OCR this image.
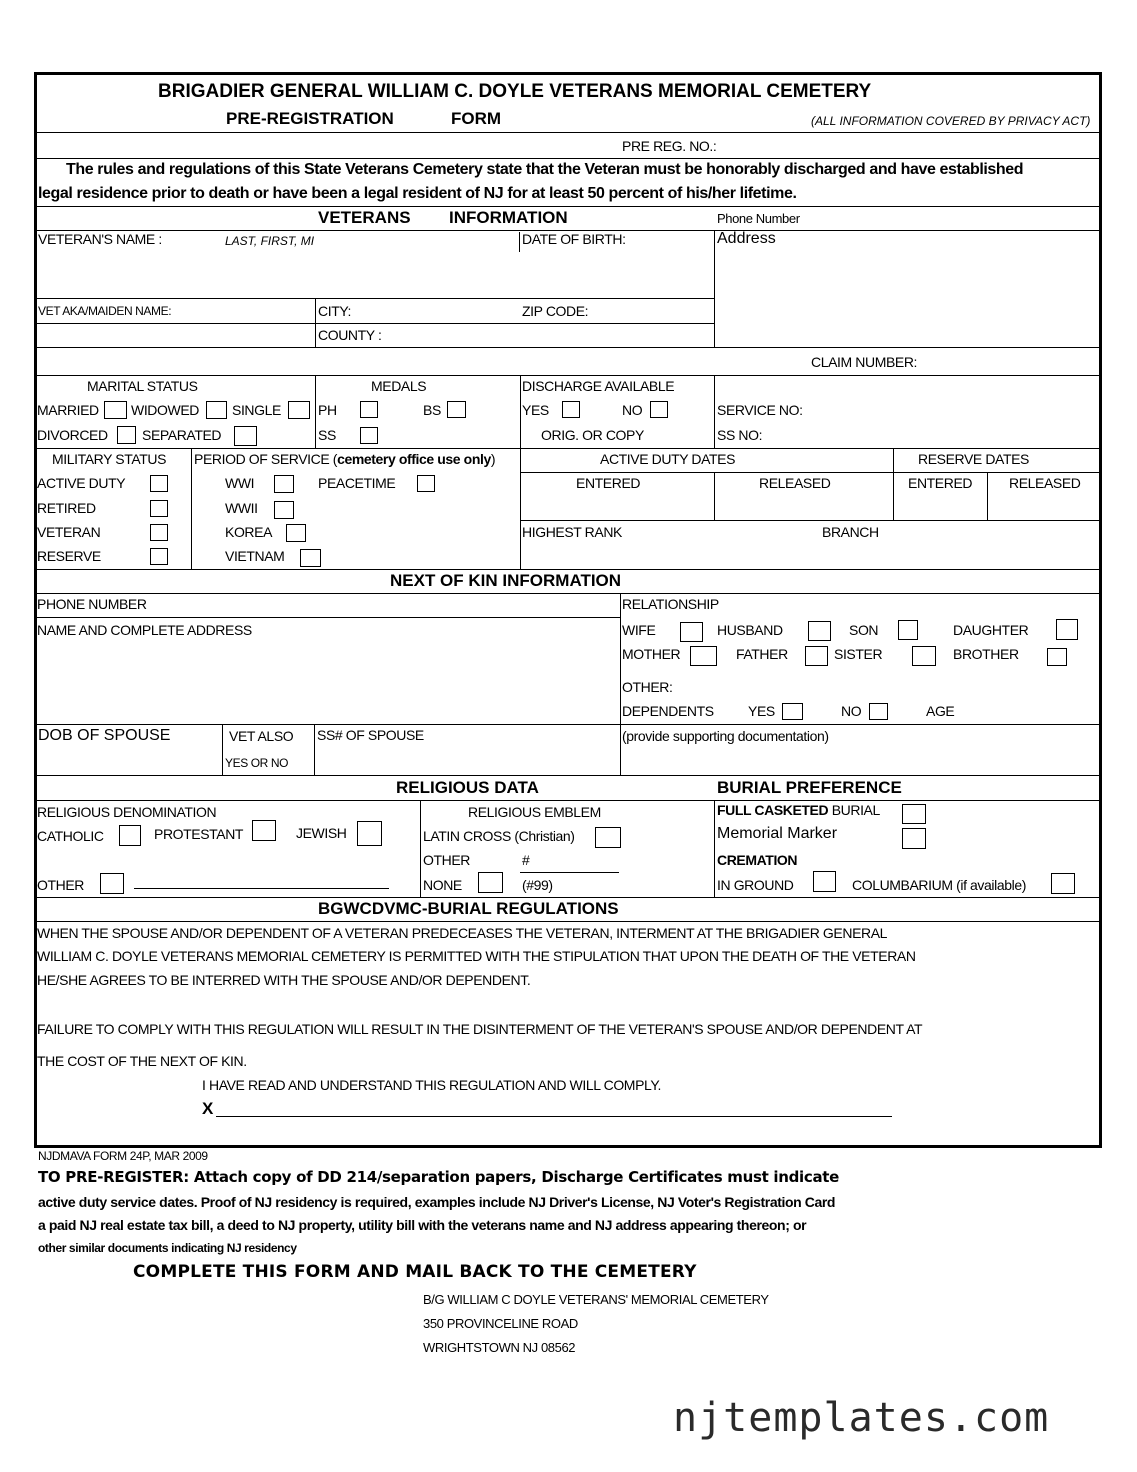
BRIGADIER GENERAL WILLIAM C. DOYLE VETERANS MEMORIAL CEMETERY
PRE-REGISTRATION	FORM	(ALL INFORMATION COVERED BY PRIVACY ACT)
PRE REG. NO.:
The rules and regulations of this State Veterans Cemetery state that the Veteran must be honorably discharged and have established
legal residence prior to death or have been a legal resident of NJ for at least 50 percent of his/her lifetime.
VETERANS INFORMATION	Phone Number
VETERAN'S NAME :	LAST, FIRST, MI	DATE OF BIRTH:	Address
VET AKA/MAIDEN NAME:	CITY:	ZIP CODE:
COUNTY :
CLAIM NUMBER:
MARITAL STATUS
MARRIED WIDOWED SINGLE
DIVORCED SEPARATED
MEDALS
PH	BS
SS
DISCHARGE AVAILABLE
YES	NO
ORIG. OR COPY
SERVICE NO:
SS NO:
MILITARY STATUS
ACTIVE DUTY
RETIRED
VETERAN
RESERVE
PERIOD OF SERVICE (cemetery office use only)
WWI	PEACETIME
WWII
KOREA
VIETNAM
ACTIVE DUTY DATES	RESERVE DATES
ENTERED	RELEASED	ENTERED	RELEASED
HIGHEST RANK	BRANCH
NEXT OF KIN INFORMATION
PHONE NUMBER	RELATIONSHIP
NAME AND COMPLETE ADDRESS	WIFE	HUSBAND	SON	DAUGHTER
MOTHER	FATHER	SISTER	BROTHER
OTHER:
DEPENDENTS YES	NO	AGE
DOB OF SPOUSE	VET ALSO
YES OR NO
SS# OF SPOUSE	(provide supporting documentation)
RELIGIOUS DATA	BURIAL PREFERENCE
RELIGIOUS DENOMINATION
CATHOLIC	PROTESTANT	JEWISH
OTHER
RELIGIOUS EMBLEM
LATIN CROSS (Christian)
OTHER	#
NONE	(#99)
FULL CASKETED BURIAL
Memorial Marker
CREMATION
IN GROUND	COLUMBARIUM (if available)
BGWCDVMC-BURIAL REGULATIONS
WHEN THE SPOUSE AND/OR DEPENDENT OF A VETERAN PREDECEASES THE VETERAN, INTERMENT AT THE BRIGADIER GENERAL
WILLIAM C. DOYLE VETERANS MEMORIAL CEMETERY IS PERMITTED WITH THE STIPULATION THAT UPON THE DEATH OF THE VETERAN
HE/SHE AGREES TO BE INTERRED WITH THE SPOUSE AND/OR DEPENDENT.
FAILURE TO COMPLY WITH THIS REGULATION WILL RESULT IN THE DISINTERMENT OF THE VETERAN'S SPOUSE AND/OR DEPENDENT AT
THE COST OF THE NEXT OF KIN.
I HAVE READ AND UNDERSTAND THIS REGULATION AND WILL COMPLY.
X
NJDMAVA FORM 24P, MAR 2009
TO PRE-REGISTER: Attach copy of DD 214/separation papers, Discharge Certificates must indicate
active duty service dates. Proof of NJ residency is required, examples include NJ Driver's License, NJ Voter's Registration Card
a paid NJ real estate tax bill, a deed to NJ property, utility bill with the veterans name and NJ address appearing thereon; or
other similar documents indicating NJ residency
COMPLETE THIS FORM AND MAIL BACK TO THE CEMETERY
B/G WILLIAM C DOYLE VETERANS' MEMORIAL CEMETERY
350 PROVINCELINE ROAD
WRIGHTSTOWN NJ 08562
njtemplates.com
